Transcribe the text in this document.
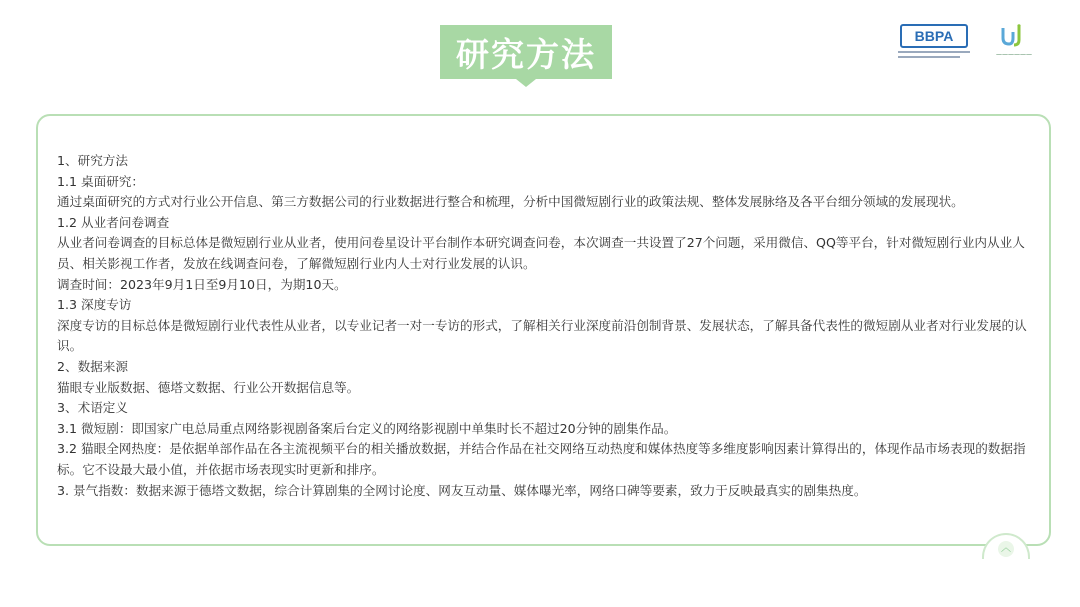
研究方法	BBPA
——————

1、研究方法

1.1 桌面研究：

通过桌面研究的方式对行业公开信息、第三方数据公司的行业数据进行整合和梳理，分析中国微短剧行业的政策法规、整体发展脉络及各平台细分领域的发展现状。

1.2 从业者问卷调查

从业者问卷调查的目标总体是微短剧行业从业者，使用问卷星设计平台制作本研究调查问卷，本次调查一共设置了27个问题，采用微信、QQ等平台，针对微短剧行业内从业人员、相关影视工作者，发放在线调查问卷，了解微短剧行业内人士对行业发展的认识。

调查时间：2023年9月1日至9月10日，为期10天。

1.3 深度专访

深度专访的目标总体是微短剧行业代表性从业者，以专业记者一对一专访的形式，了解相关行业深度前沿创制背景、发展状态，了解具备代表性的微短剧从业者对行业发展的认识。

2、数据来源

猫眼专业版数据、德塔文数据、行业公开数据信息等。

3、术语定义

3.1 微短剧：即国家广电总局重点网络影视剧备案后台定义的网络影视剧中单集时长不超过20分钟的剧集作品。

3.2 猫眼全网热度：是依据单部作品在各主流视频平台的相关播放数据，并结合作品在社交网络互动热度和媒体热度等多维度影响因素计算得出的，体现作品市场表现的数据指标。它不设最大最小值，并依据市场表现实时更新和排序。

3. 景气指数：数据来源于德塔文数据，综合计算剧集的全网讨论度、网友互动量、媒体曝光率，网络口碑等要素，致力于反映最真实的剧集热度。

︿
